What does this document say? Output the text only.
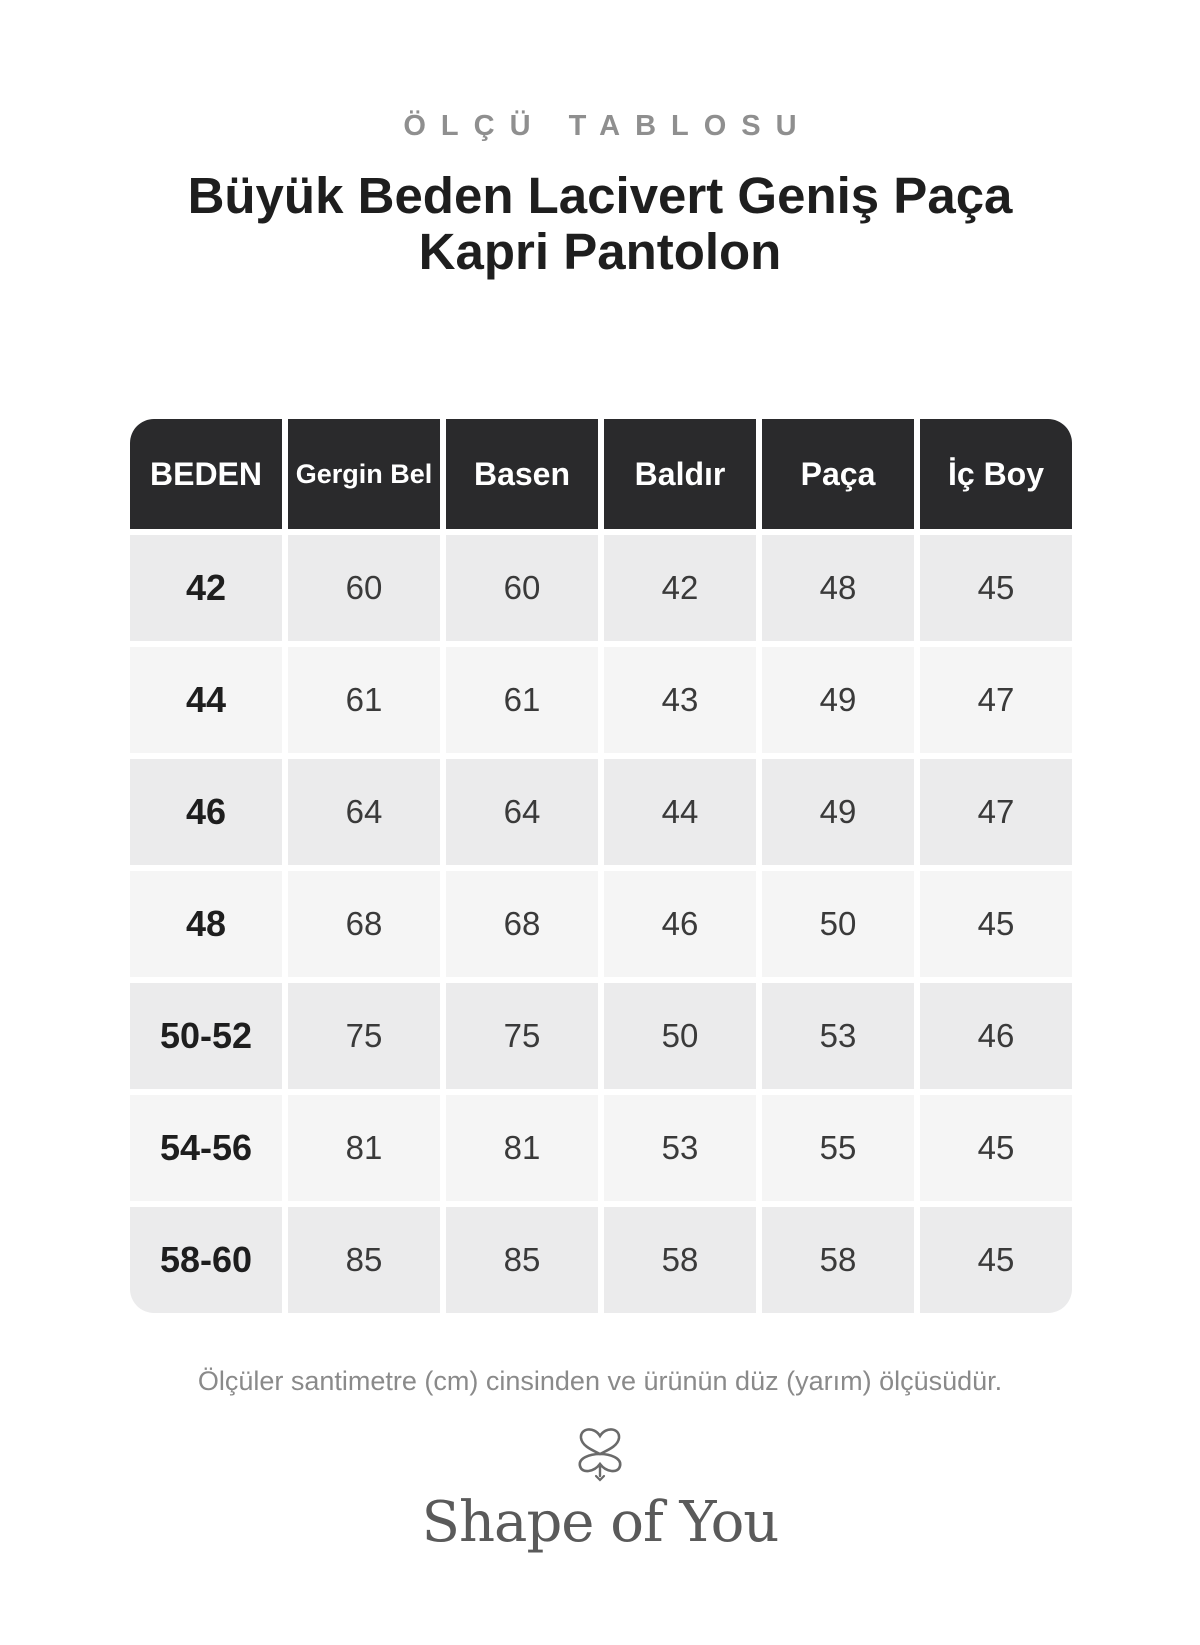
ÖLÇÜ TABLOSU
Büyük Beden Lacivert Geniş Paça
Kapri Pantolon
BEDEN	Gergin Bel	Basen	Baldır	Paça	İç Boy
42	60	60	42	48	45
44	61	61	43	49	47
46	64	64	44	49	47
48	68	68	46	50	45
50-52	75	75	50	53	46
54-56	81	81	53	55	45
58-60	85	85	58	58	45
Ölçüler santimetre (cm) cinsinden ve ürünün düz (yarım) ölçüsüdür.
Shape of You
